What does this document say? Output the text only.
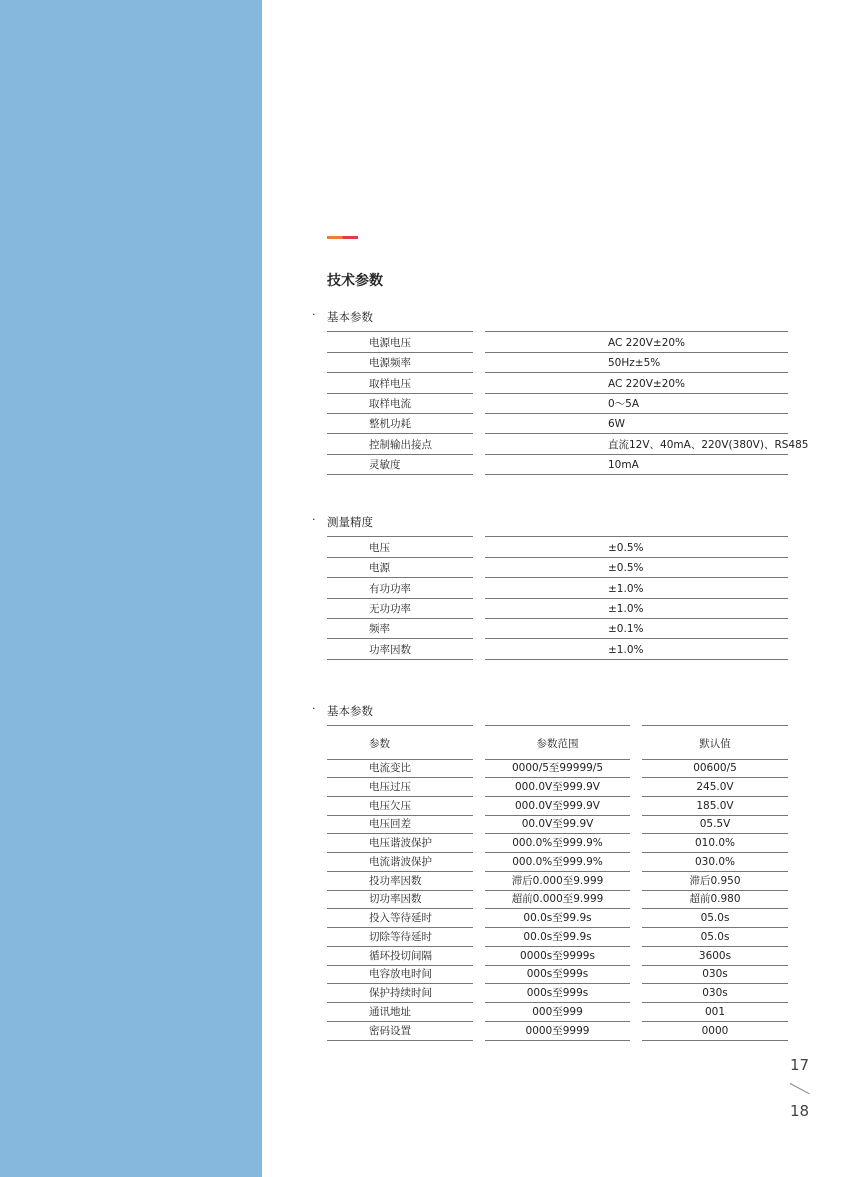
技术参数
· 基本参数
电源电压	AC 220V±20%
电源频率	50Hz±5%
取样电压	AC 220V±20%
取样电流	0～5A
整机功耗	6W
控制输出接点	直流12V、40mA、220V(380V)、RS485
灵敏度	10mA
· 测量精度
电压	±0.5%
电源	±0.5%
有功功率	±1.0%
无功功率	±1.0%
频率	±0.1%
功率因数	±1.0%
· 基本参数
参数	参数范围	默认值
电流变比	0000/5至99999/5	00600/5
电压过压	000.0V至999.9V	245.0V
电压欠压	000.0V至999.9V	185.0V
电压回差	00.0V至99.9V	05.5V
电压谐波保护	000.0%至999.9%	010.0%
电流谐波保护	000.0%至999.9%	030.0%
投功率因数	滞后0.000至9.999	滞后0.950
切功率因数	超前0.000至9.999	超前0.980
投入等待延时	00.0s至99.9s	05.0s
切除等待延时	00.0s至99.9s	05.0s
循环投切间隔	0000s至9999s	3600s
电容放电时间	000s至999s	030s
保护持续时间	000s至999s	030s
通讯地址	000至999	001
密码设置	0000至9999	0000
17
18
